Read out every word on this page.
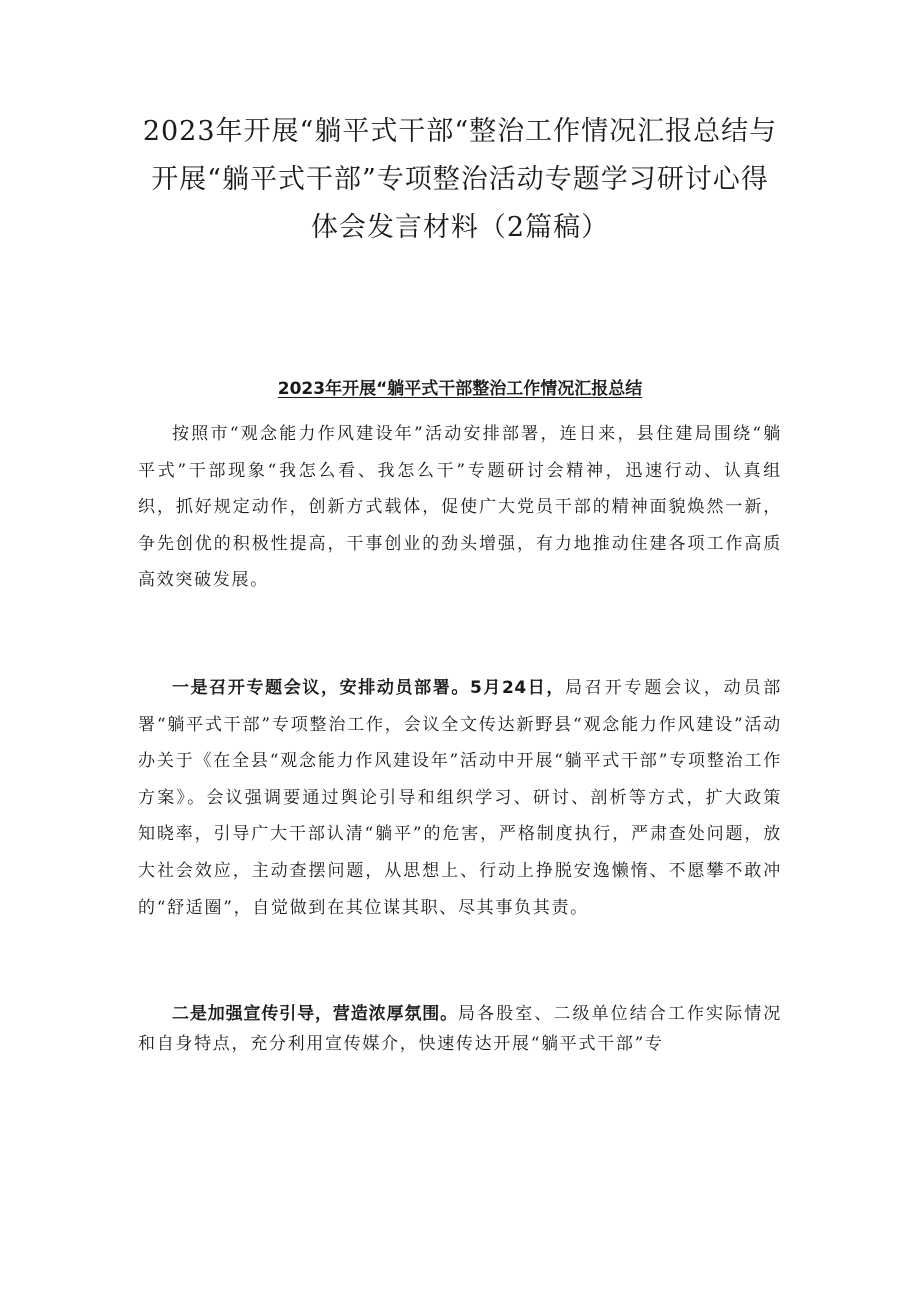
2023年开展“躺平式干部“整治工作情况汇报总结与
开展“躺平式干部”专项整治活动专题学习研讨心得
体会发言材料（2篇稿）
2023年开展“躺平式干部整治工作情况汇报总结

按照市“观念能力作风建设年”活动安排部署，连日来，县住建局围绕“躺平式”干部现象“我怎么看、我怎么干”专题研讨会精神，迅速行动、认真组织，抓好规定动作，创新方式载体，促使广大党员干部的精神面貌焕然一新，争先创优的积极性提高，干事创业的劲头增强，有力地推动住建各项工作高质高效突破发展。

一是召开专题会议，安排动员部署。5月24日，局召开专题会议，动员部署“躺平式干部”专项整治工作，会议全文传达新野县“观念能力作风建设”活动办关于《在全县“观念能力作风建设年”活动中开展“躺平式干部”专项整治工作方案》。会议强调要通过舆论引导和组织学习、研讨、剖析等方式，扩大政策知晓率，引导广大干部认清“躺平”的危害，严格制度执行，严肃查处问题，放大社会效应，主动查摆问题，从思想上、行动上挣脱安逸懒惰、不愿攀不敢冲的“舒适圈”，自觉做到在其位谋其职、尽其事负其责。

二是加强宣传引导，营造浓厚氛围。局各股室、二级单位结合工作实际情况和自身特点，充分利用宣传媒介，快速传达开展“躺平式干部”专
